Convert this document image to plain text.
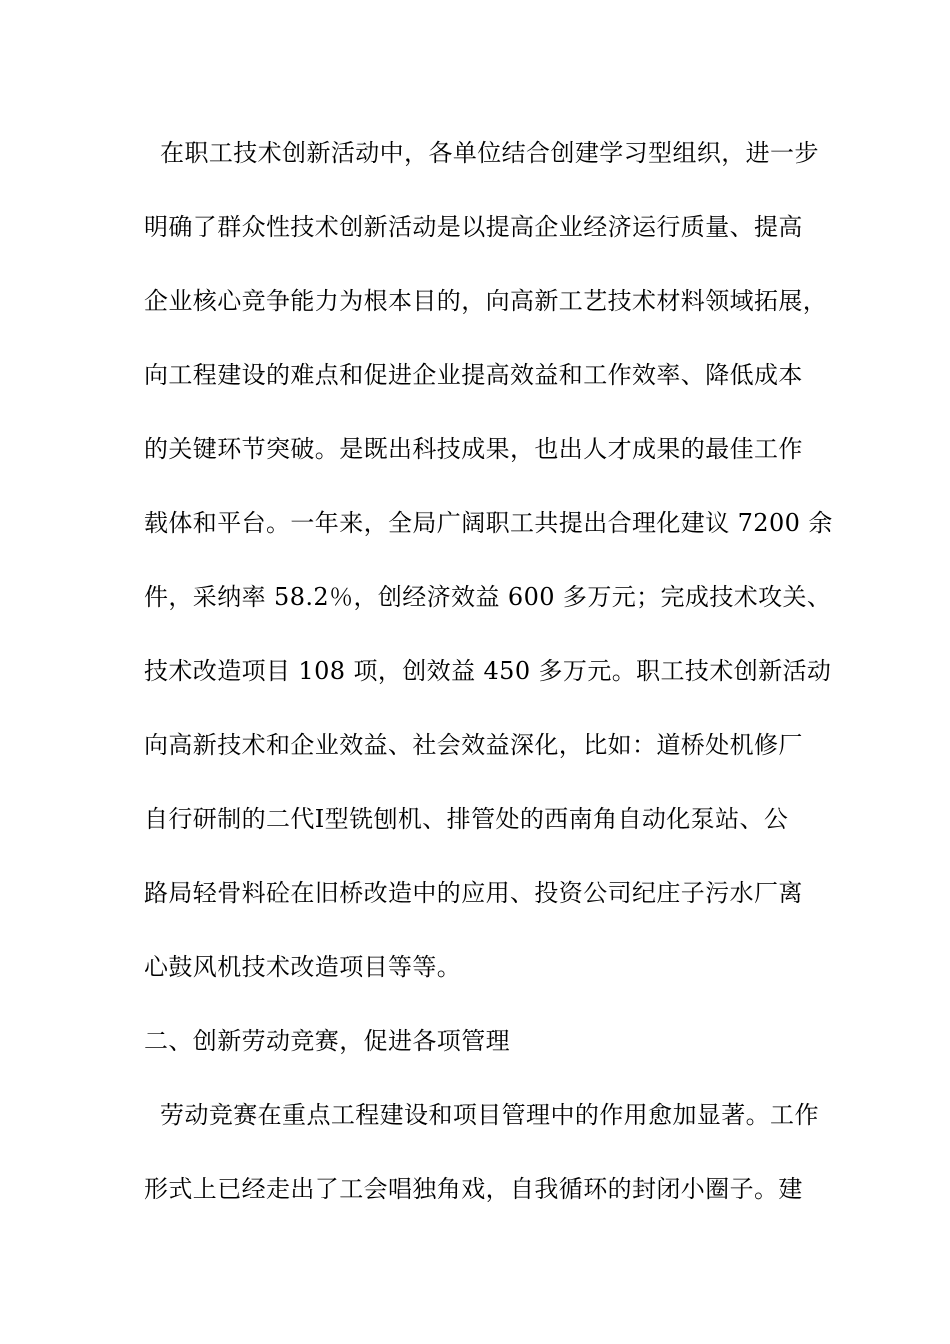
在职工技术创新活动中，各单位结合创建学习型组织，进一步
明确了群众性技术创新活动是以提高企业经济运行质量、提高
企业核心竞争能力为根本目的，向高新工艺技术材料领域拓展，
向工程建设的难点和促进企业提高效益和工作效率、降低成本
的关键环节突破。是既出科技成果，也出人才成果的最佳工作
载体和平台。一年来，全局广阔职工共提出合理化建议 7200 余
件，采纳率 58.2％，创经济效益 600 多万元；完成技术攻关、
技术改造项目 108 项，创效益 450 多万元。职工技术创新活动
向高新技术和企业效益、社会效益深化，比如：道桥处机修厂
自行研制的二代Ⅰ型铣刨机、排管处的西南角自动化泵站、公
路局轻骨料砼在旧桥改造中的应用、投资公司纪庄子污水厂离
心鼓风机技术改造项目等等。
二、创新劳动竞赛，促进各项管理
劳动竞赛在重点工程建设和项目管理中的作用愈加显著。工作
形式上已经走出了工会唱独角戏，自我循环的封闭小圈子。建
